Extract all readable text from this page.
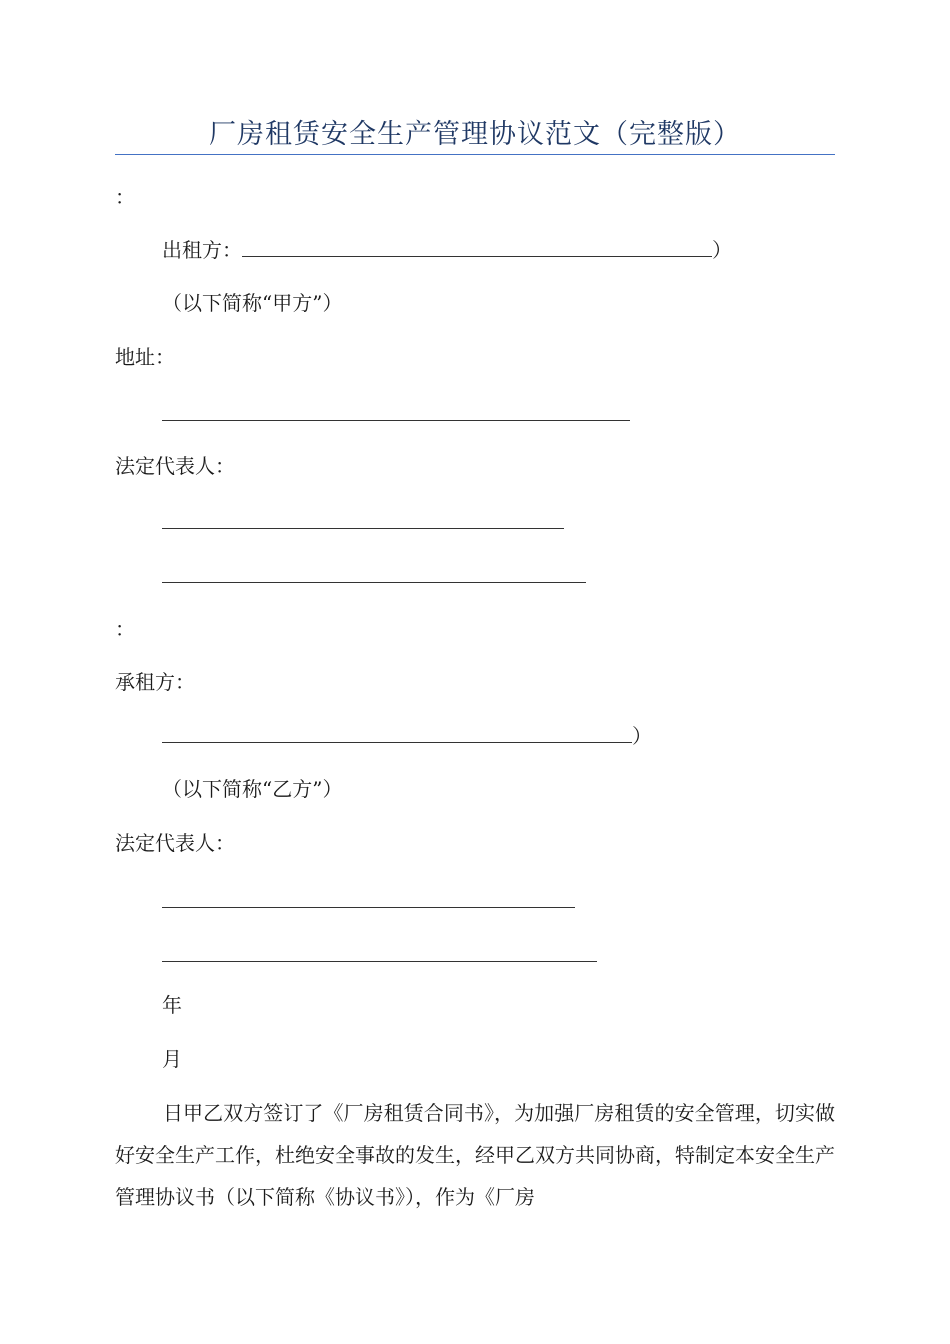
厂房租赁安全生产管理协议范文（完整版）
：
出租方：	）
（以下简称“甲方”）
地址：
法定代表人：
：
承租方：
）
（以下简称“乙方”）
法定代表人：
年
月
日甲乙双方签订了《厂房租赁合同书》，为加强厂房租赁的安全管理，切实做好安全生产工作，杜绝安全事故的发生，经甲乙双方共同协商，特制定本安全生产管理协议书（以下简称《协议书》），作为《厂房
